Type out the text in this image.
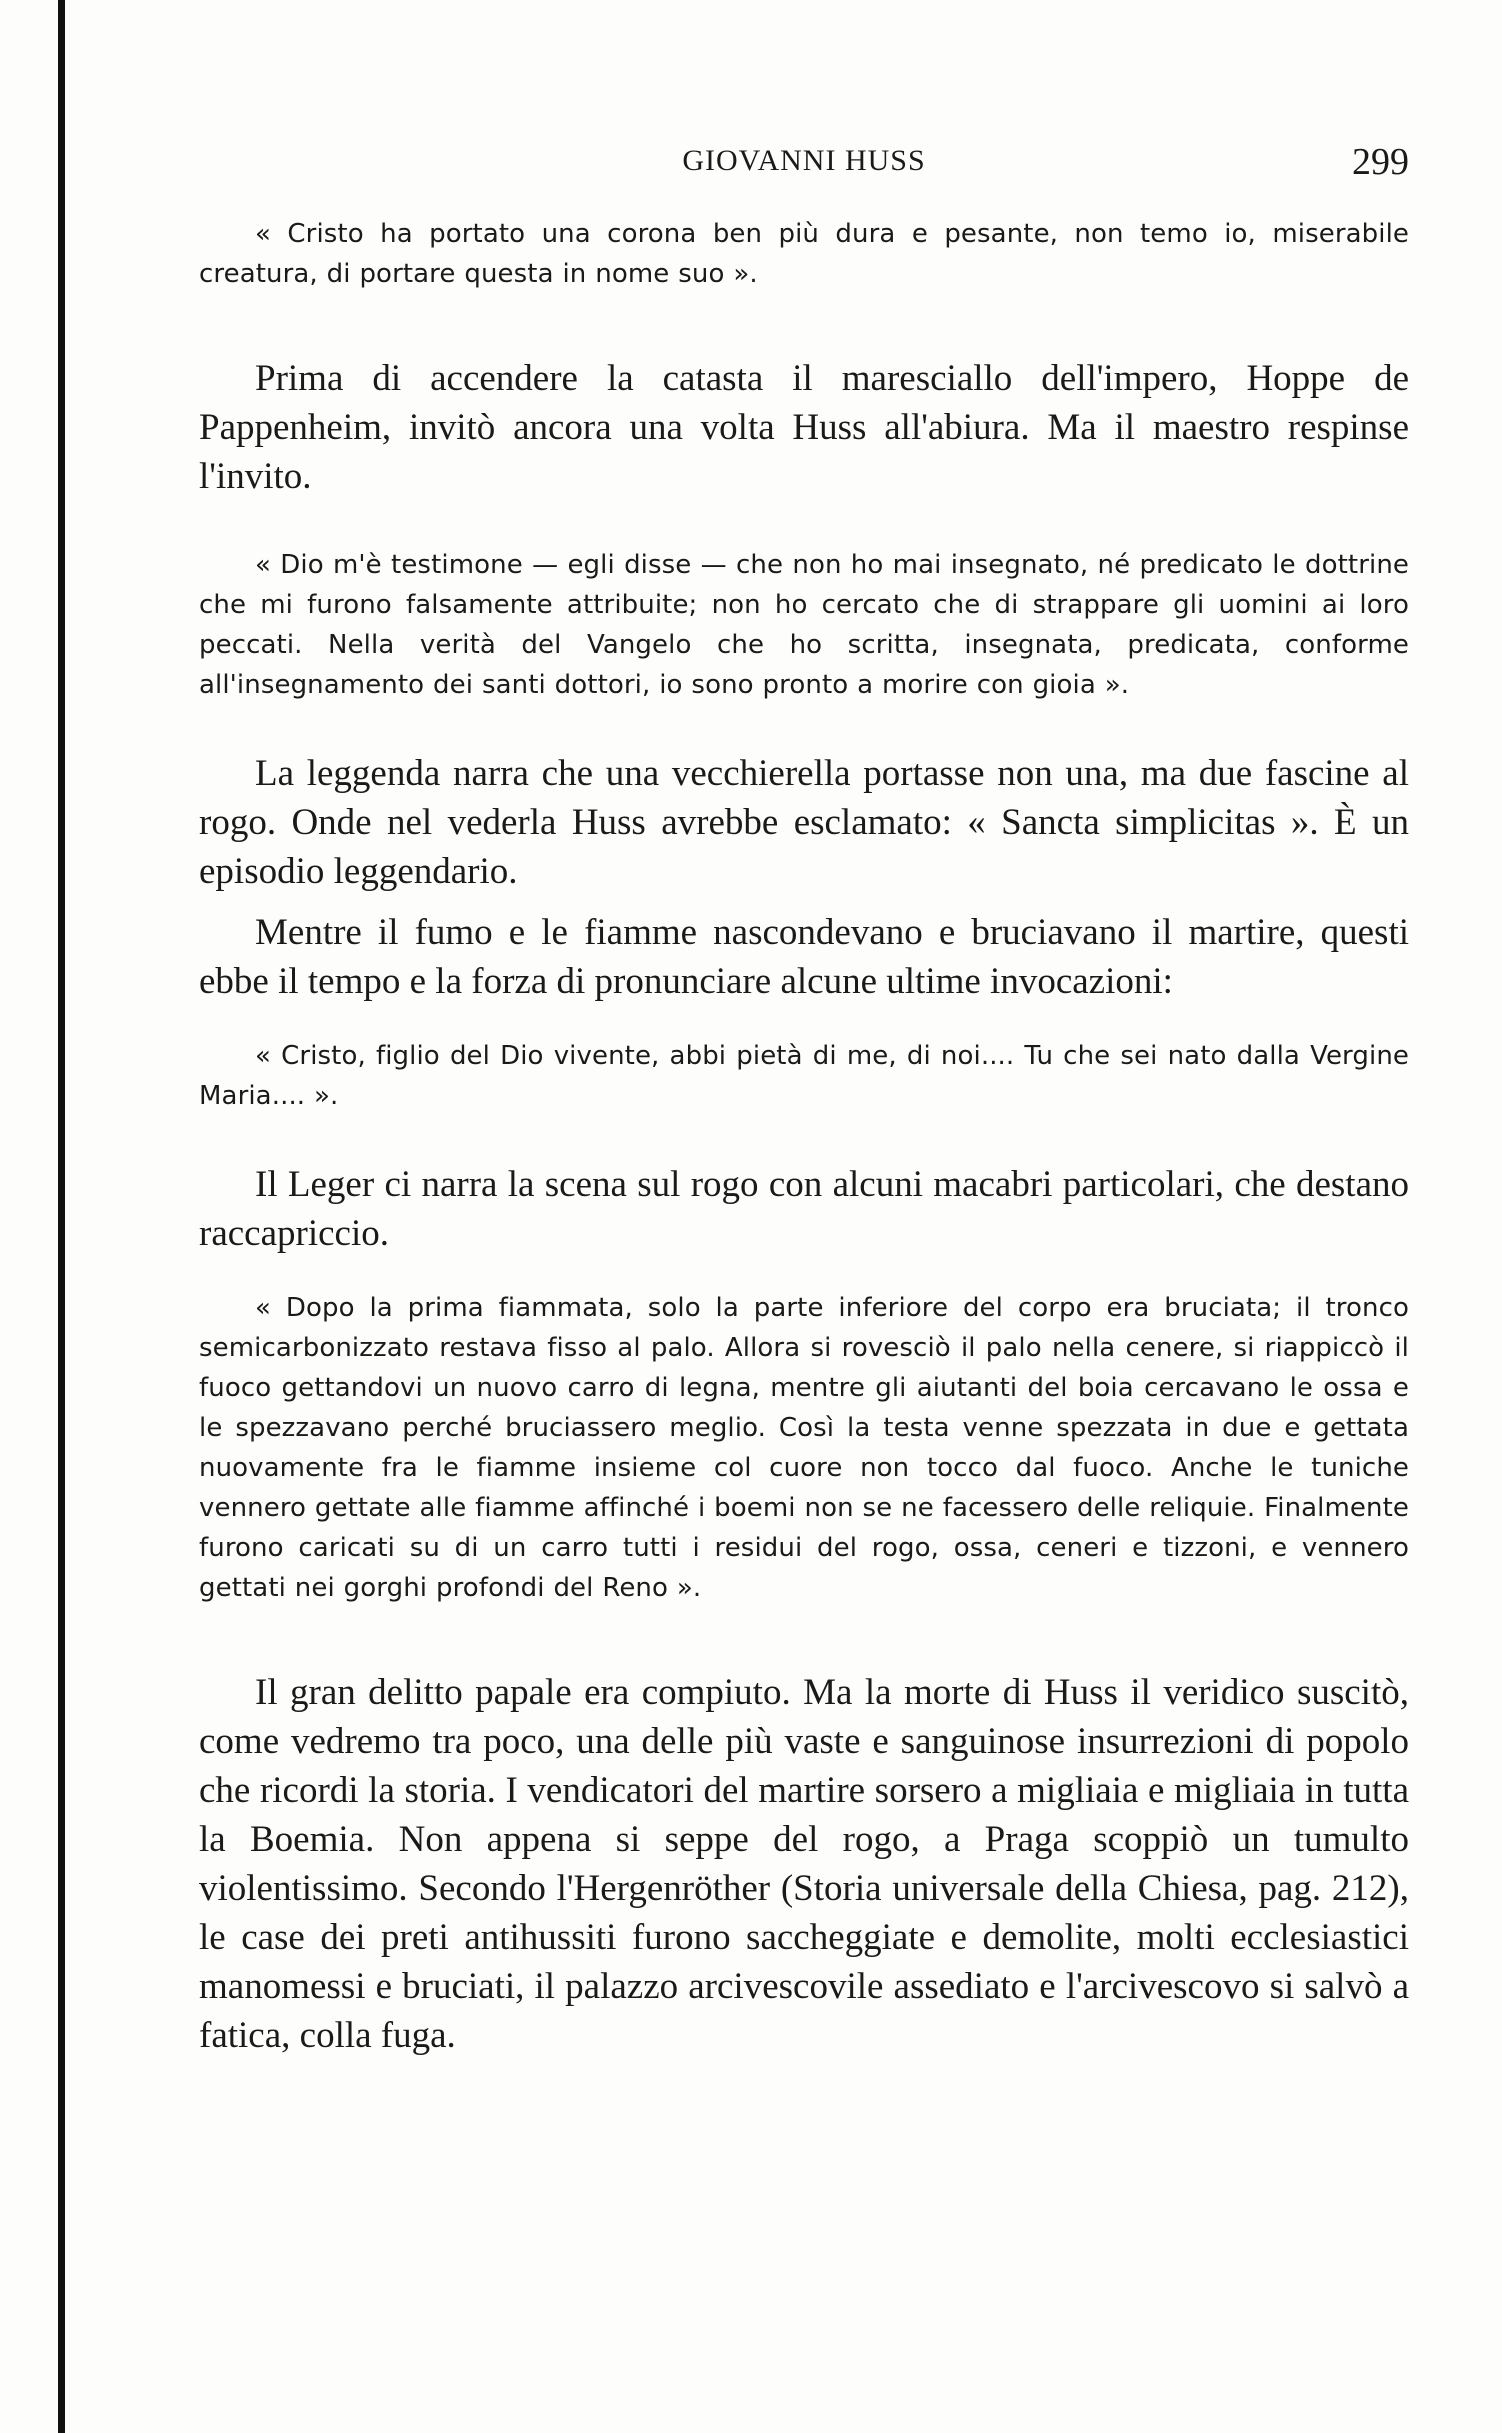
GIOVANNI HUSS	299

« Cristo ha portato una corona ben più dura e pesante, non temo io, miserabile creatura, di portare questa in nome suo ».

Prima di accendere la catasta il maresciallo dell'impero, Hoppe de Pappenheim, invitò ancora una volta Huss all'abiura. Ma il maestro respinse l'invito.

« Dio m'è testimone — egli disse — che non ho mai insegnato, né predicato le dottrine che mi furono falsamente attribuite; non ho cercato che di strappare gli uomini ai loro peccati. Nella verità del Vangelo che ho scritta, insegnata, predicata, conforme all'insegnamento dei santi dottori, io sono pronto a morire con gioia ».

La leggenda narra che una vecchierella portasse non una, ma due fascine al rogo. Onde nel vederla Huss avrebbe esclamato: « Sancta simplicitas ». È un episodio leggendario.

Mentre il fumo e le fiamme nascondevano e bruciavano il martire, questi ebbe il tempo e la forza di pronunciare alcune ultime invocazioni:

« Cristo, figlio del Dio vivente, abbi pietà di me, di noi.... Tu che sei nato dalla Vergine Maria.... ».

Il Leger ci narra la scena sul rogo con alcuni macabri particolari, che destano raccapriccio.

« Dopo la prima fiammata, solo la parte inferiore del corpo era bruciata; il tronco semicarbonizzato restava fisso al palo. Allora si rovesciò il palo nella cenere, si riappiccò il fuoco gettandovi un nuovo carro di legna, mentre gli aiutanti del boia cercavano le ossa e le spezzavano perché bruciassero meglio. Così la testa venne spezzata in due e gettata nuovamente fra le fiamme insieme col cuore non tocco dal fuoco. Anche le tuniche vennero gettate alle fiamme affinché i boemi non se ne facessero delle reliquie. Finalmente furono caricati su di un carro tutti i residui del rogo, ossa, ceneri e tizzoni, e vennero gettati nei gorghi profondi del Reno ».

Il gran delitto papale era compiuto. Ma la morte di Huss il veridico suscitò, come vedremo tra poco, una delle più vaste e sanguinose insurrezioni di popolo che ricordi la storia. I vendicatori del martire sorsero a migliaia e migliaia in tutta la Boemia. Non appena si seppe del rogo, a Praga scoppiò un tumulto violentissimo. Secondo l'Hergenröther (Storia universale della Chiesa, pag. 212), le case dei preti antihussiti furono saccheggiate e demolite, molti ecclesiastici manomessi e bruciati, il palazzo arcivescovile assediato e l'arcivescovo si salvò a fatica, colla fuga.
